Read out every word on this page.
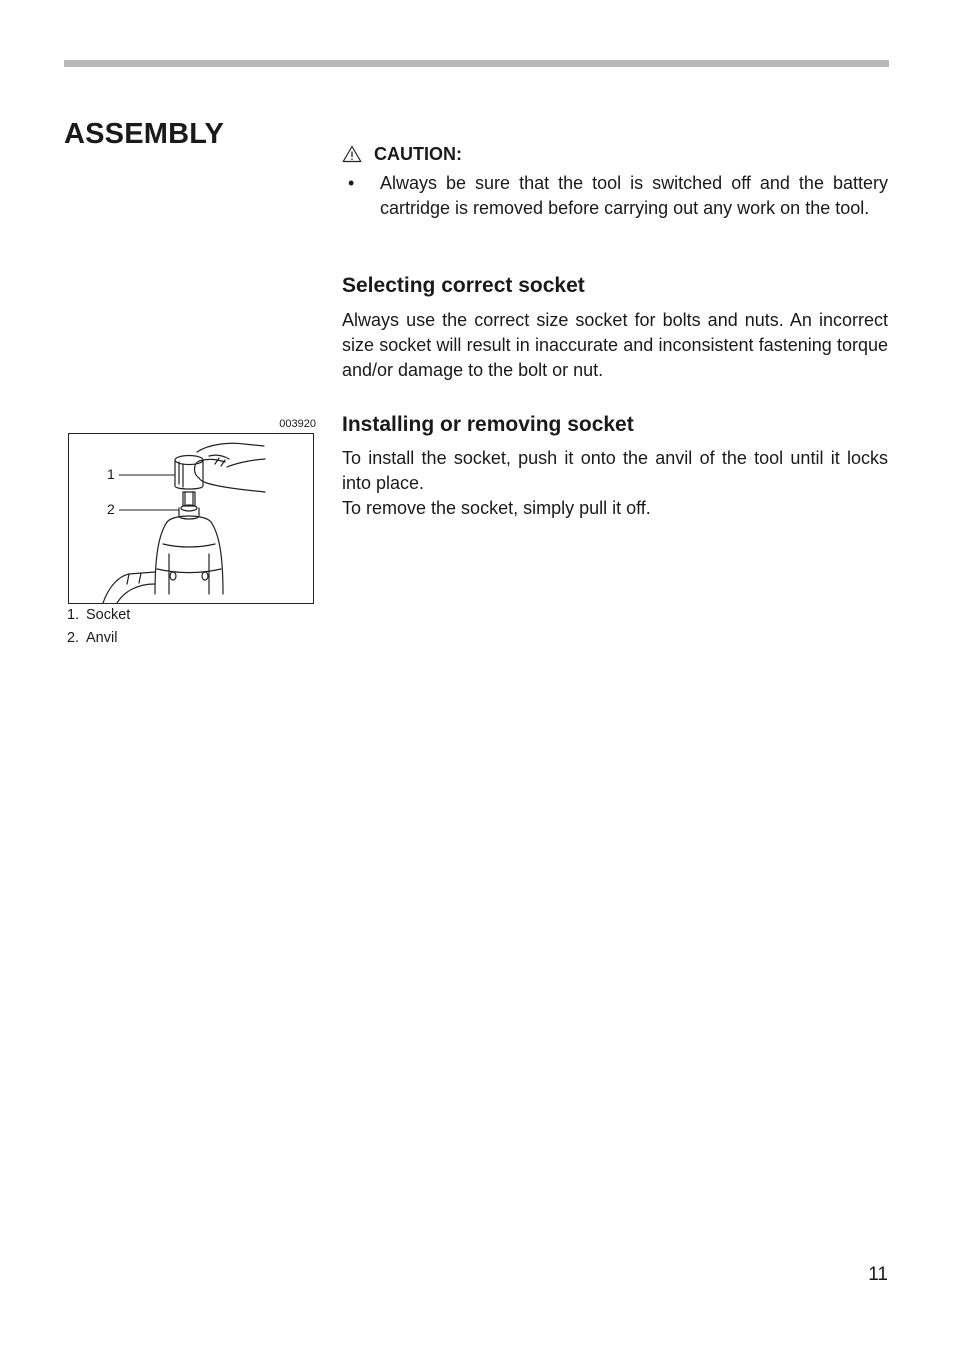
ASSEMBLY
CAUTION:
•	Always be sure that the tool is switched off and the battery cartridge is removed before carrying out any work on the tool.
Selecting correct socket

Always use the correct size socket for bolts and nuts. An incorrect size socket will result in inaccurate and inconsistent fastening torque and/or damage to the bolt or nut.

Installing or removing socket

To install the socket, push it onto the anvil of the tool until it locks into place.

To remove the socket, simply pull it off.

003920
1
2
1. Socket
2. Anvil
11
